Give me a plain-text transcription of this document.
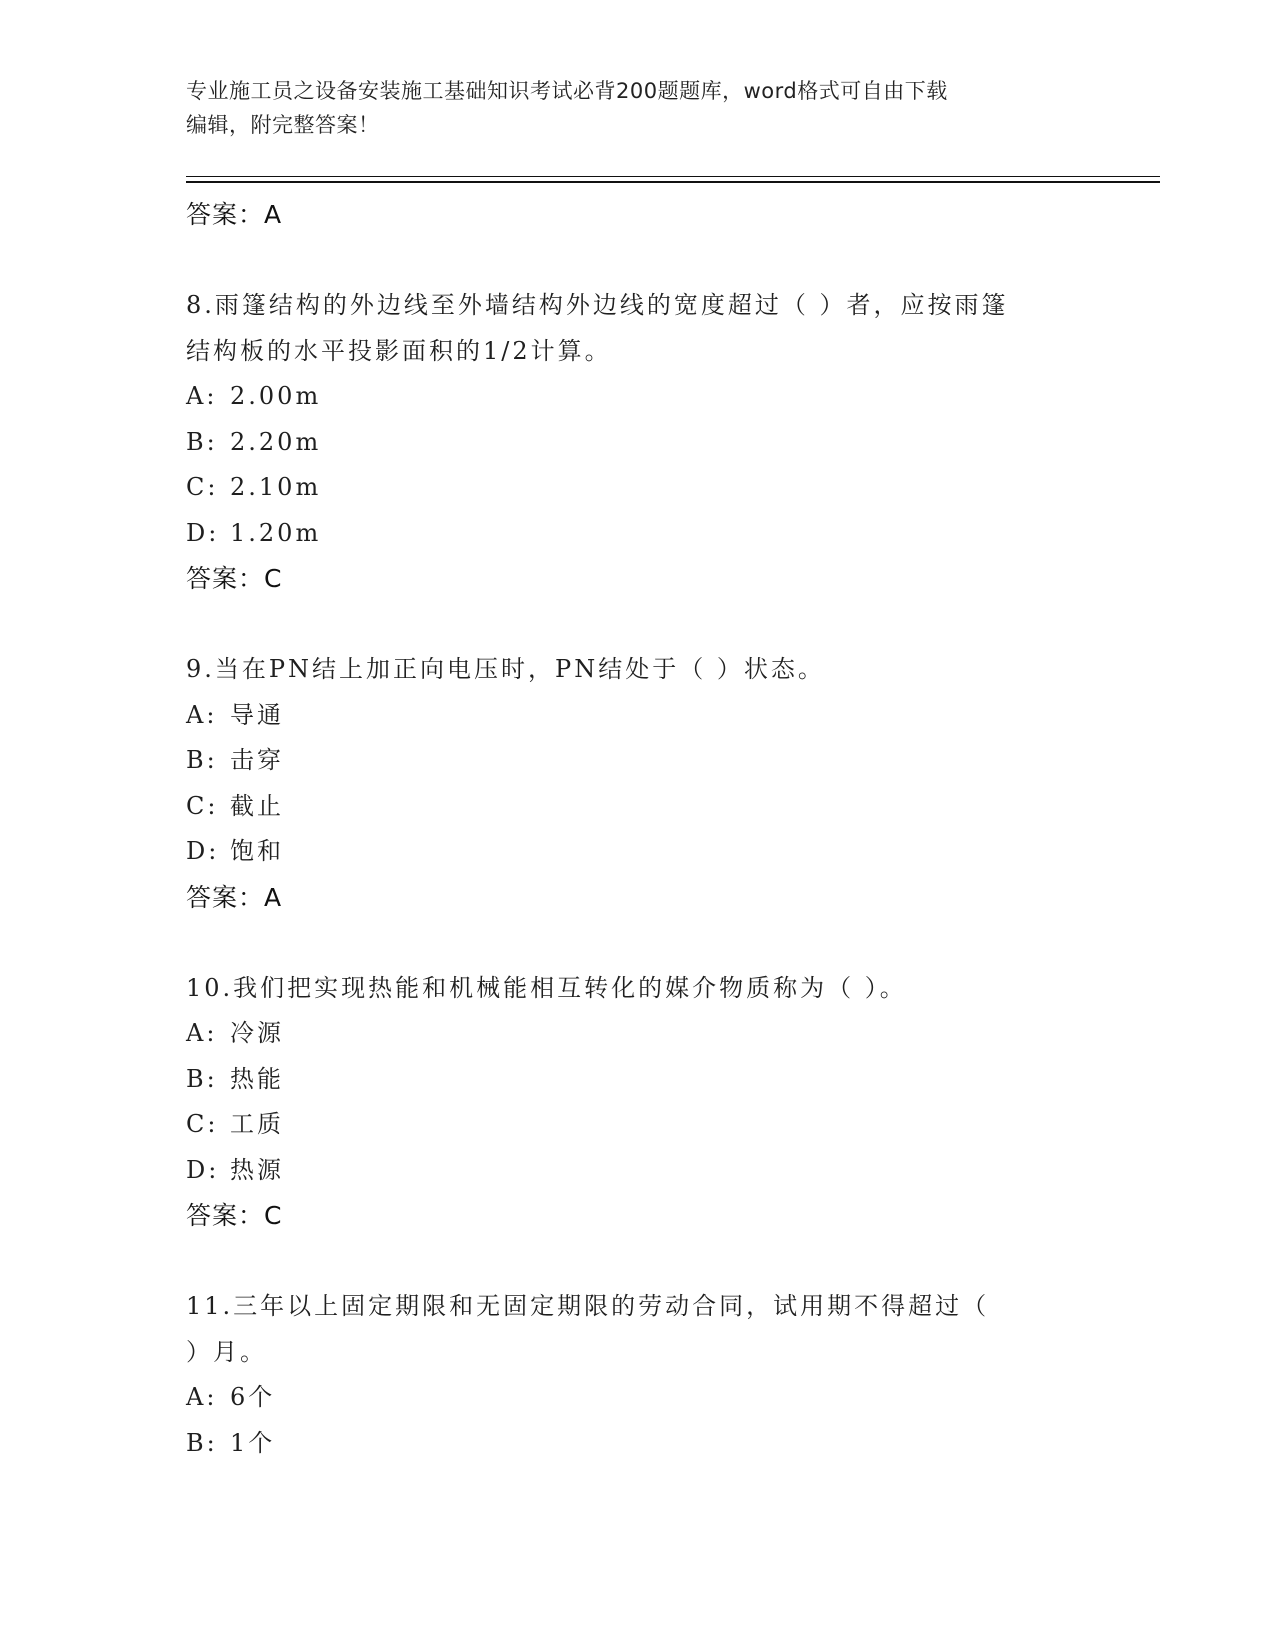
专业施工员之设备安装施工基础知识考试必背200题题库，word格式可自由下载
编辑，附完整答案！
答案：A
8.雨篷结构的外边线至外墙结构外边线的宽度超过（ ）者，应按雨篷
结构板的水平投影面积的1/2计算。
A: 2.00m
B: 2.20m
C: 2.10m
D: 1.20m
答案：C
9.当在PN结上加正向电压时，PN结处于（ ）状态。
A: 导通
B: 击穿
C: 截止
D: 饱和
答案：A
10.我们把实现热能和机械能相互转化的媒介物质称为（ ）。
A: 冷源
B: 热能
C: 工质
D: 热源
答案：C
11.三年以上固定期限和无固定期限的劳动合同，试用期不得超过（
）月。
A: 6个
B: 1个
